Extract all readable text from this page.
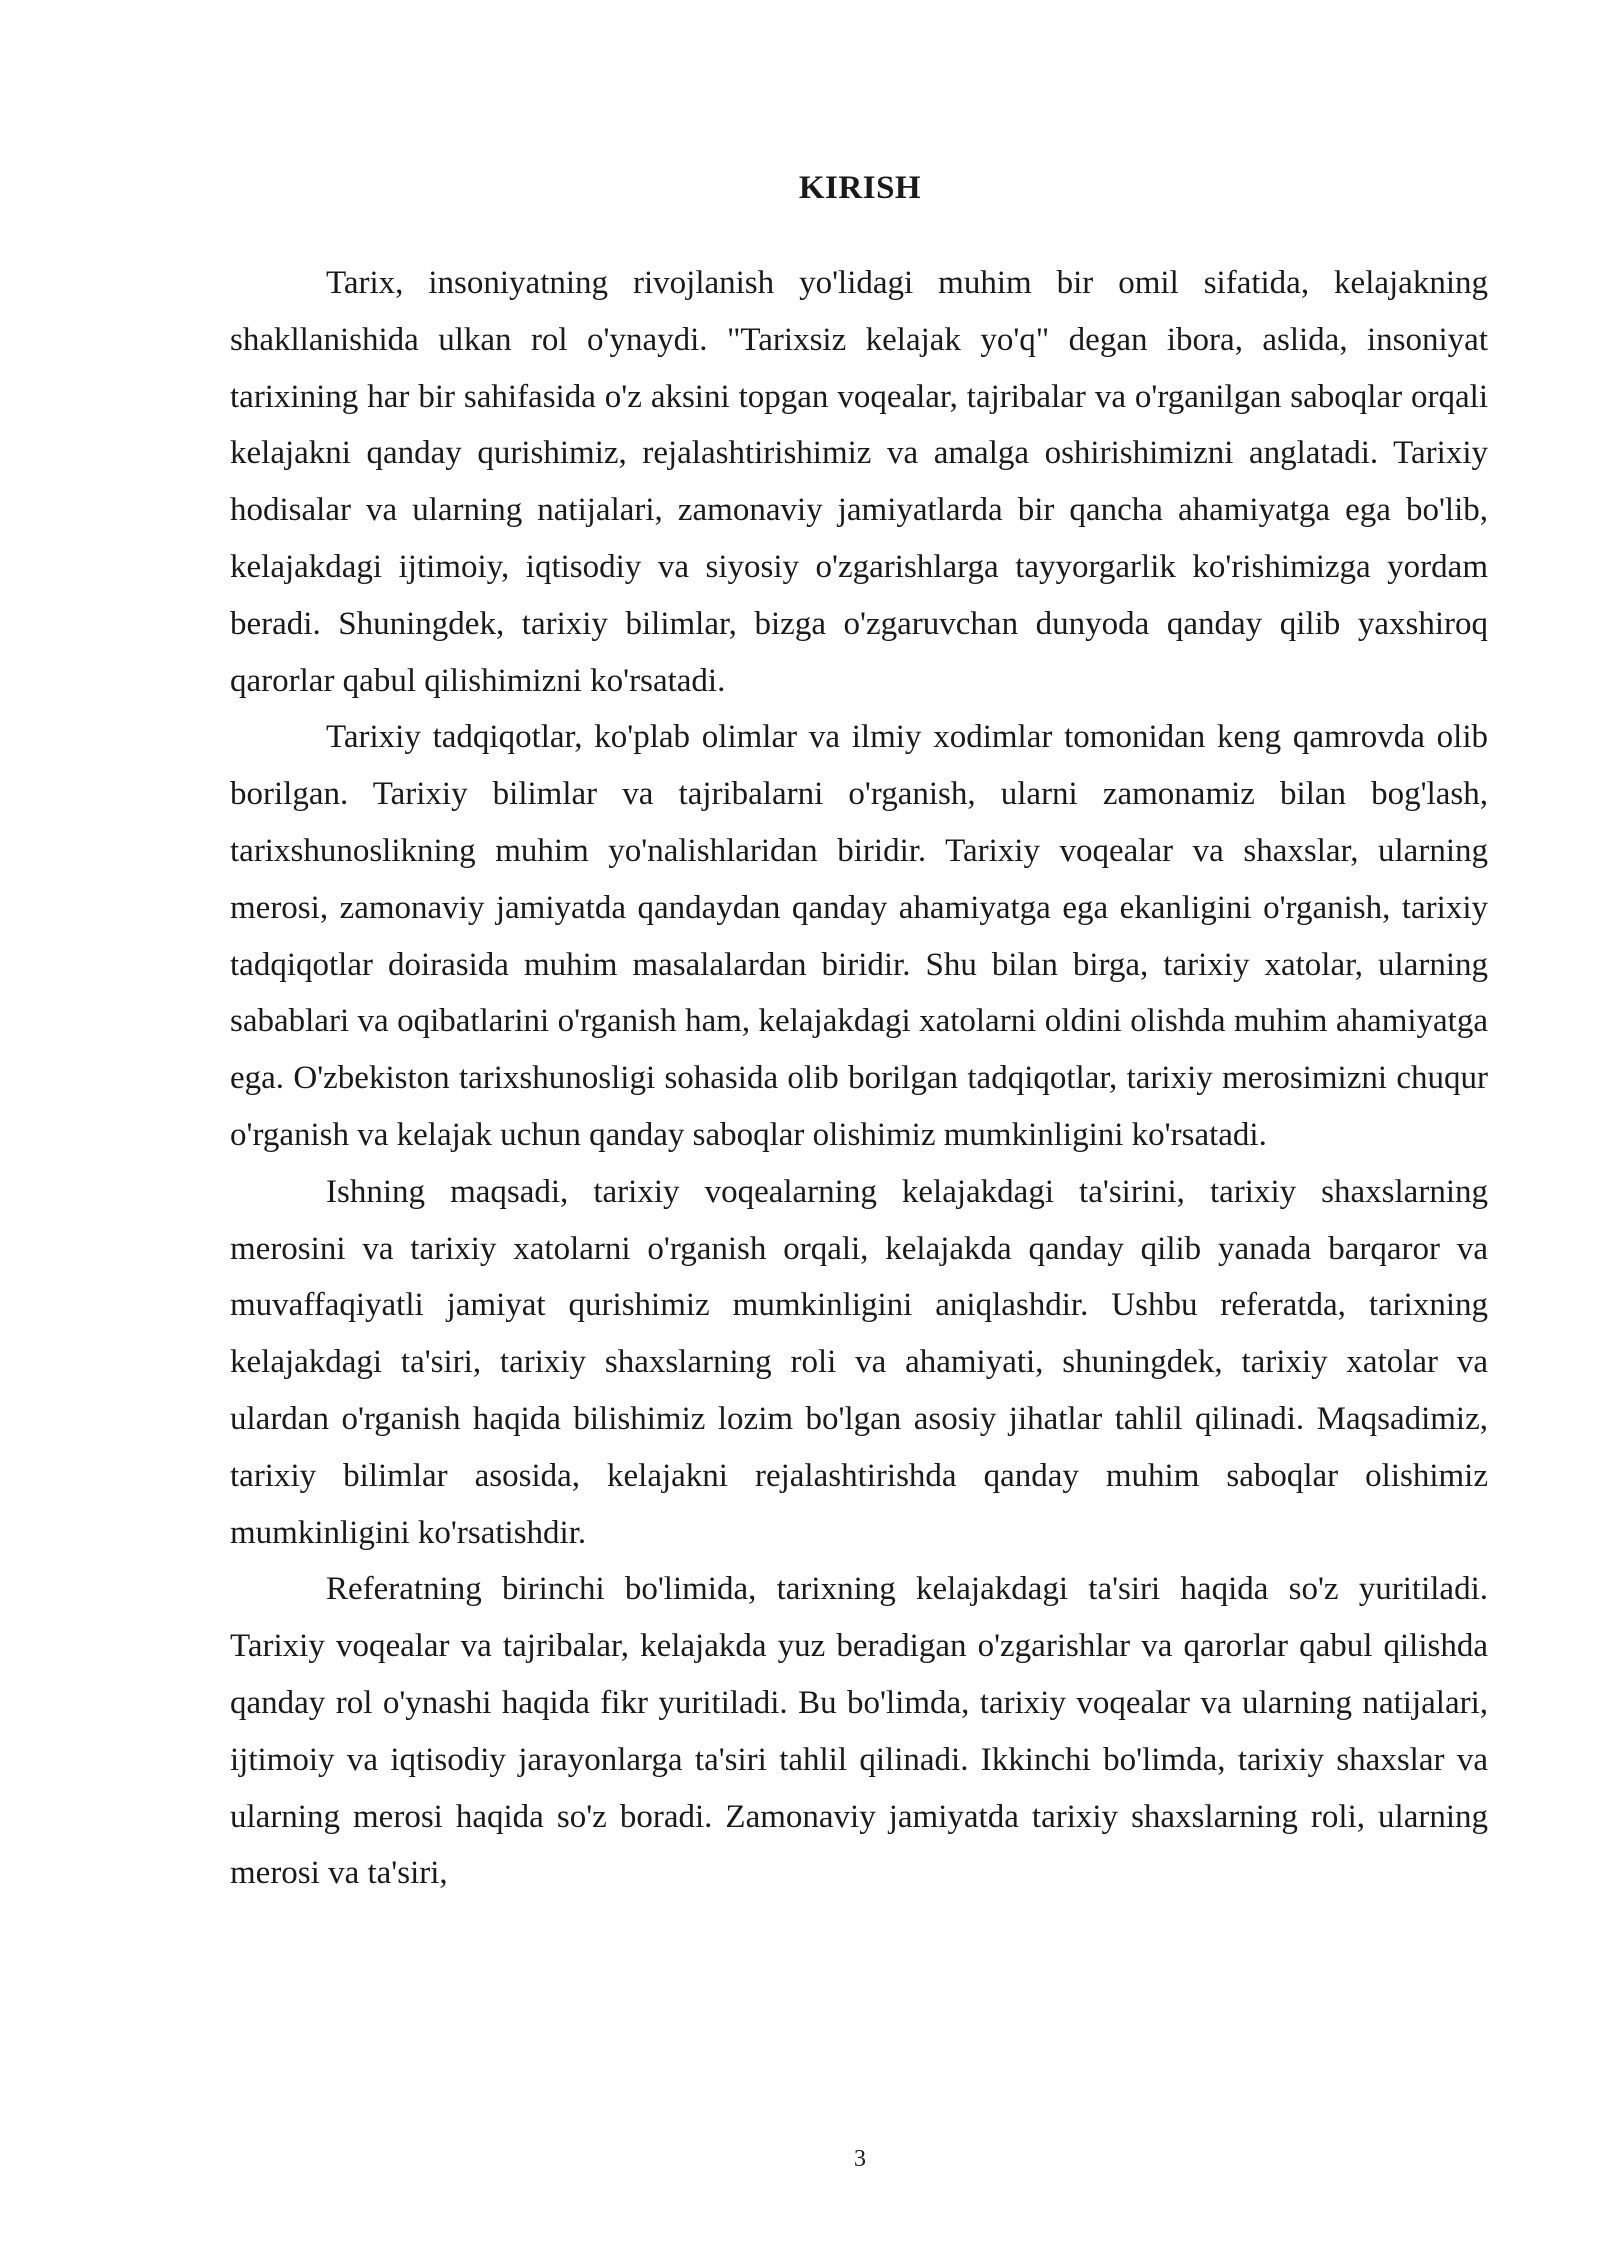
KIRISH

Tarix, insoniyatning rivojlanish yo'lidagi muhim bir omil sifatida, kelajakning shakllanishida ulkan rol o'ynaydi. "Tarixsiz kelajak yo'q" degan ibora, aslida, insoniyat tarixining har bir sahifasida o'z aksini topgan voqealar, tajribalar va o'rganilgan saboqlar orqali kelajakni qanday qurishimiz, rejalashtirishimiz va amalga oshirishimizni anglatadi. Tarixiy hodisalar va ularning natijalari, zamonaviy jamiyatlarda bir qancha ahamiyatga ega bo'lib, kelajakdagi ijtimoiy, iqtisodiy va siyosiy o'zgarishlarga tayyorgarlik ko'rishimizga yordam beradi. Shuningdek, tarixiy bilimlar, bizga o'zgaruvchan dunyoda qanday qilib yaxshiroq qarorlar qabul qilishimizni ko'rsatadi.

Tarixiy tadqiqotlar, ko'plab olimlar va ilmiy xodimlar tomonidan keng qamrovda olib borilgan. Tarixiy bilimlar va tajribalarni o'rganish, ularni zamonamiz bilan bog'lash, tarixshunoslikning muhim yo'nalishlaridan biridir. Tarixiy voqealar va shaxslar, ularning merosi, zamonaviy jamiyatda qandaydan qanday ahamiyatga ega ekanligini o'rganish, tarixiy tadqiqotlar doirasida muhim masalalardan biridir. Shu bilan birga, tarixiy xatolar, ularning sabablari va oqibatlarini o'rganish ham, kelajakdagi xatolarni oldini olishda muhim ahamiyatga ega. O'zbekiston tarixshunosligi sohasida olib borilgan tadqiqotlar, tarixiy merosimizni chuqur o'rganish va kelajak uchun qanday saboqlar olishimiz mumkinligini ko'rsatadi.

Ishning maqsadi, tarixiy voqealarning kelajakdagi ta'sirini, tarixiy shaxslarning merosini va tarixiy xatolarni o'rganish orqali, kelajakda qanday qilib yanada barqaror va muvaffaqiyatli jamiyat qurishimiz mumkinligini aniqlashdir. Ushbu referatda, tarixning kelajakdagi ta'siri, tarixiy shaxslarning roli va ahamiyati, shuningdek, tarixiy xatolar va ulardan o'rganish haqida bilishimiz lozim bo'lgan asosiy jihatlar tahlil qilinadi. Maqsadimiz, tarixiy bilimlar asosida, kelajakni rejalashtirishda qanday muhim saboqlar olishimiz mumkinligini ko'rsatishdir.

Referatning birinchi bo'limida, tarixning kelajakdagi ta'siri haqida so'z yuritiladi. Tarixiy voqealar va tajribalar, kelajakda yuz beradigan o'zgarishlar va qarorlar qabul qilishda qanday rol o'ynashi haqida fikr yuritiladi. Bu bo'limda, tarixiy voqealar va ularning natijalari, ijtimoiy va iqtisodiy jarayonlarga ta'siri tahlil qilinadi. Ikkinchi bo'limda, tarixiy shaxslar va ularning merosi haqida so'z boradi. Zamonaviy jamiyatda tarixiy shaxslarning roli, ularning merosi va ta'siri,

3
